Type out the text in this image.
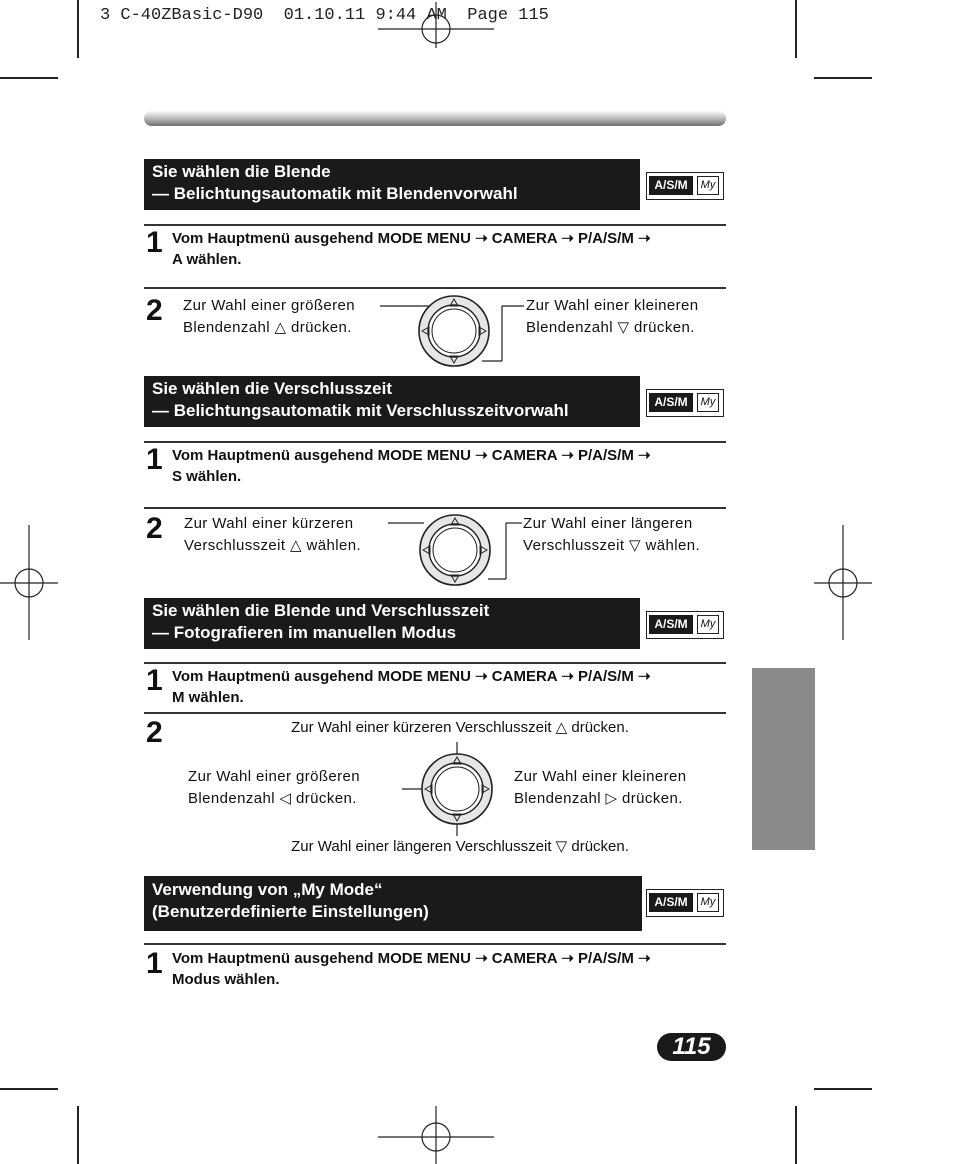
3 C-40ZBasic-D90  01.10.11 9:44 AM  Page 115
Sie wählen die Blende
— Belichtungsautomatik mit Blendenvorwahl	A/S/M	My
1 Vom Hauptmenü ausgehend MODE MENU ➝ CAMERA ➝ P/A/S/M ➝
A wählen.
2 Zur Wahl einer größeren
Blendenzahl △ drücken.
Zur Wahl einer kleineren
Blendenzahl ▽ drücken.
Sie wählen die Verschlusszeit
— Belichtungsautomatik mit Verschlusszeitvorwahl	A/S/M	My
1 Vom Hauptmenü ausgehend MODE MENU ➝ CAMERA ➝ P/A/S/M ➝
S wählen.
2 Zur Wahl einer kürzeren
Verschlusszeit △ wählen.
Zur Wahl einer längeren
Verschlusszeit ▽ wählen.
Sie wählen die Blende und Verschlusszeit
— Fotografieren im manuellen Modus	A/S/M	My
1 Vom Hauptmenü ausgehend MODE MENU ➝ CAMERA ➝ P/A/S/M ➝
M wählen.
2	Zur Wahl einer kürzeren Verschlusszeit △ drücken.
Zur Wahl einer größeren
Blendenzahl ◁ drücken.
Zur Wahl einer kleineren
Blendenzahl ▷ drücken.
Zur Wahl einer längeren Verschlusszeit ▽ drücken.
Verwendung von „My Mode“
(Benutzerdefinierte Einstellungen)	A/S/M	My
1 Vom Hauptmenü ausgehend MODE MENU ➝ CAMERA ➝ P/A/S/M ➝
Modus wählen.
115
